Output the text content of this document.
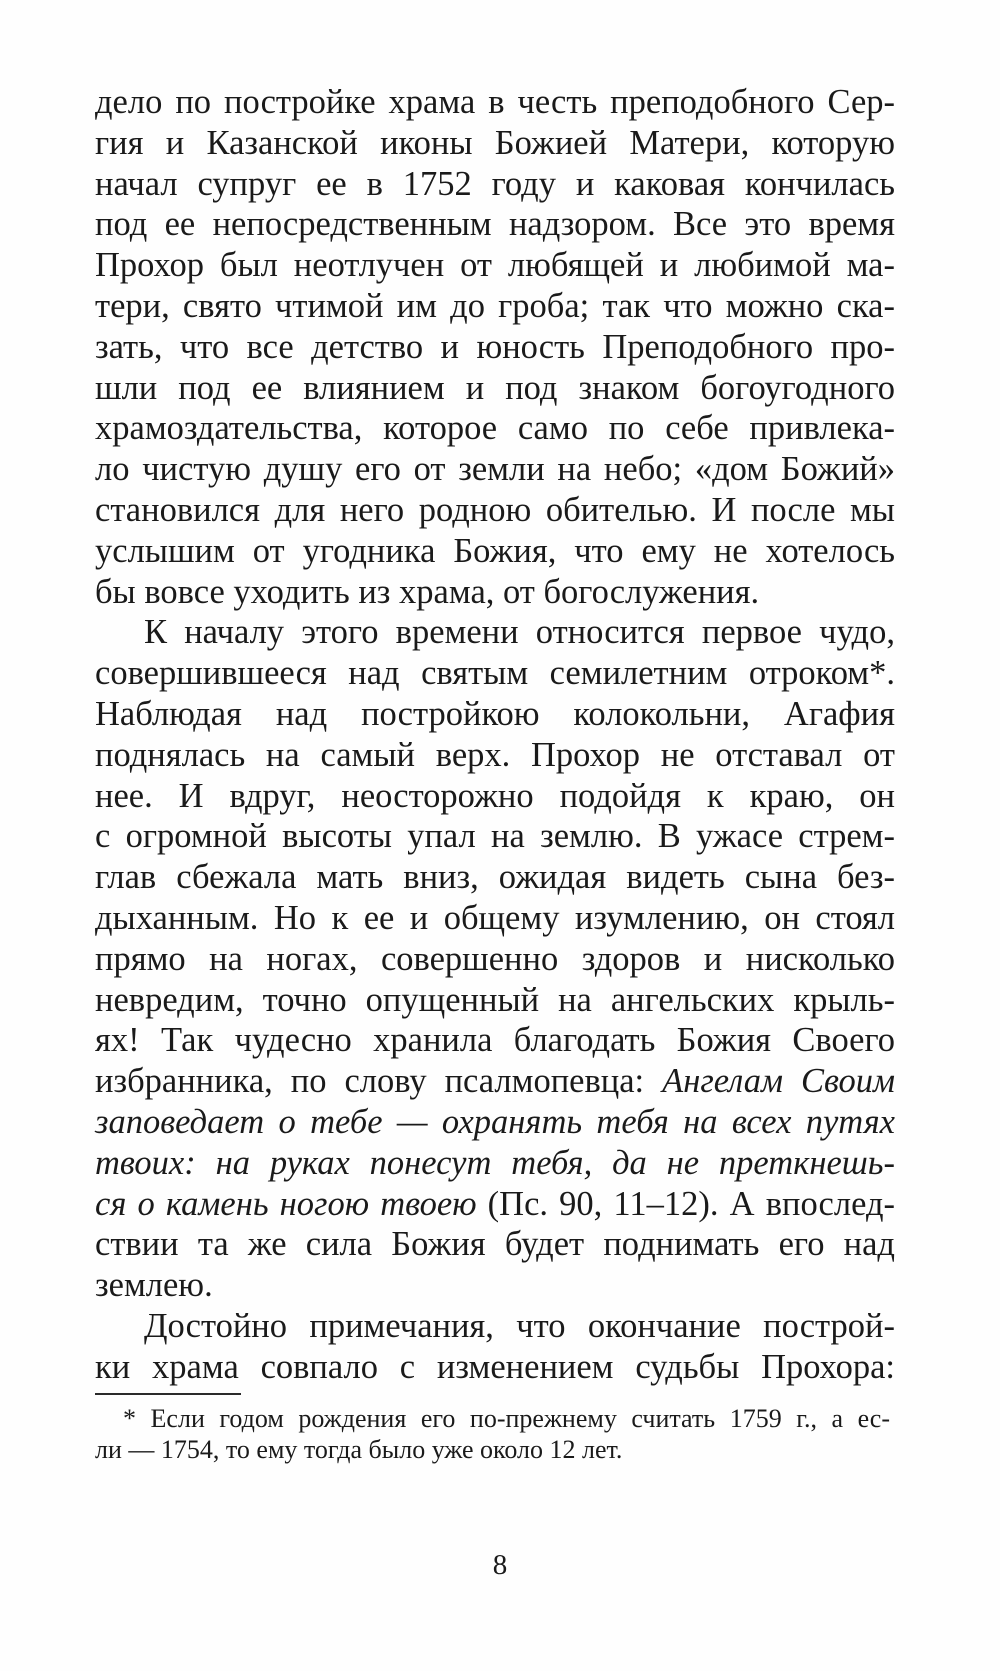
дело по постройке храма в честь преподобного Сер-
гия и Казанской иконы Божией Матери, которую
начал супруг ее в 1752 году и каковая кончилась
под ее непосредственным надзором. Все это время
Прохор был неотлучен от любящей и любимой ма-
тери, свято чтимой им до гроба; так что можно ска-
зать, что все детство и юность Преподобного про-
шли под ее влиянием и под знаком богоугодного
храмоздательства, которое само по себе привлека-
ло чистую душу его от земли на небо; «дом Божий»
становился для него родною обителью. И после мы
услышим от угодника Божия, что ему не хотелось
бы вовсе уходить из храма, от богослужения.

К началу этого времени относится первое чудо,
совершившееся над святым семилетним отроком*.
Наблюдая над постройкою колокольни, Агафия
поднялась на самый верх. Прохор не отставал от
нее. И вдруг, неосторожно подойдя к краю, он
с огромной высоты упал на землю. В ужасе стрем-
глав сбежала мать вниз, ожидая видеть сына без-
дыханным. Но к ее и общему изумлению, он стоял
прямо на ногах, совершенно здоров и нисколько
невредим, точно опущенный на ангельских крыль-
ях! Так чудесно хранила благодать Божия Своего
избранника, по слову псалмопевца: Ангелам Своим
заповедает о тебе — охранять тебя на всех путях
твоих: на руках понесут тебя, да не преткнешь-
ся о камень ногою твоею (Пс. 90, 11–12). А впослед-
ствии та же сила Божия будет поднимать его над
землею.

Достойно примечания, что окончание построй-
ки храма совпало с изменением судьбы Прохора:

* Если годом рождения его по-прежнему считать 1759 г., а ес-
ли — 1754, то ему тогда было уже около 12 лет.
8
